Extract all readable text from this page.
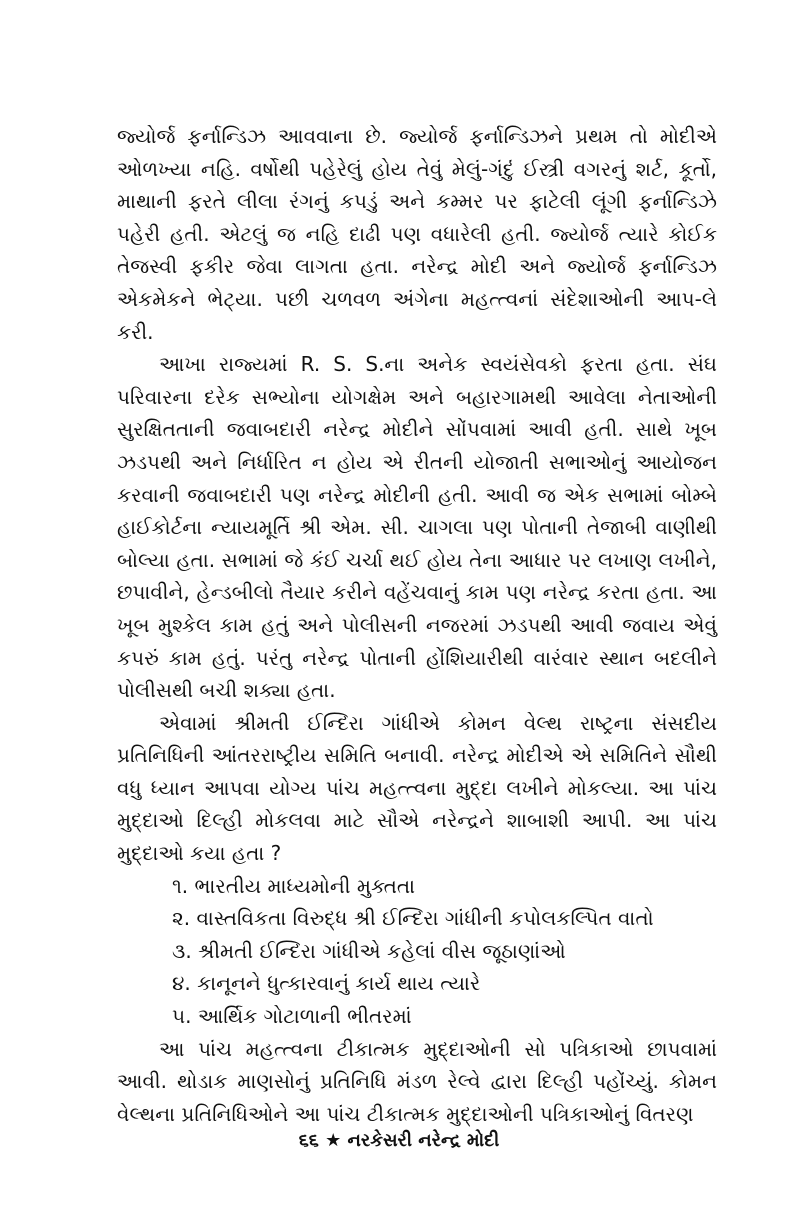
જ્યોર્જ ફર્નાન્ડિઝ આવવાના છે. જ્યોર્જ ફર્નાન્ડિઝને પ્રથમ તો મોદીએ ઓળખ્યા નહિ. વર્ષોથી પહેરેલું હોય તેવું મેલું-ગંદું ઈસ્ત્રી વગરનું શર્ટ, કૂર્તો, માથાની ફરતે લીલા રંગનું કપડું અને કમ્મર પર ફાટેલી લૂંગી ફર્નાન્ડિઝે પહેરી હતી. એટલું જ નહિ દાઢી પણ વધારેલી હતી. જ્યોર્જ ત્યારે કોઈક તેજસ્વી ફકીર જેવા લાગતા હતા. નરેન્દ્ર મોદી અને જ્યોર્જ ફર્નાન્ડિઝ એકમેકને ભેટ્યા. પછી ચળવળ અંગેના મહત્ત્વનાં સંદેશાઓની આપ-લે કરી.

આખા રાજ્યમાં R. S. S.ના અનેક સ્વયંસેવકો ફરતા હતા. સંઘ પરિવારના દરેક સભ્યોના યોગક્ષેમ અને બહારગામથી આવેલા નેતાઓની સુરક્ષિતતાની જવાબદારી નરેન્દ્ર મોદીને સોંપવામાં આવી હતી. સાથે ખૂબ ઝડપથી અને નિર્ધારિત ન હોય એ રીતની યોજાતી સભાઓનું આયોજન કરવાની જવાબદારી પણ નરેન્દ્ર મોદીની હતી. આવી જ એક સભામાં બોમ્બે હાઈકોર્ટના ન્યાયમૂર્તિ શ્રી એમ. સી. ચાગલા પણ પોતાની તેજાબી વાણીથી બોલ્યા હતા. સભામાં જે કંઈ ચર્ચા થઈ હોય તેના આધાર પર લખાણ લખીને, છપાવીને, હેન્ડબીલો તૈયાર કરીને વહેંચવાનું કામ પણ નરેન્દ્ર કરતા હતા. આ ખૂબ મુશ્કેલ કામ હતું અને પોલીસની નજરમાં ઝડપથી આવી જવાય એવું કપરું કામ હતું. પરંતુ નરેન્દ્ર પોતાની હોંશિયારીથી વારંવાર સ્થાન બદલીને પોલીસથી બચી શક્યા હતા.

એવામાં શ્રીમતી ઈન્દિરા ગાંધીએ કોમન વેલ્થ રાષ્ટ્રના સંસદીય પ્રતિનિધિની આંતરરાષ્ટ્રીય સમિતિ બનાવી. નરેન્દ્ર મોદીએ એ સમિતિને સૌથી વધુ ધ્યાન આપવા યોગ્ય પાંચ મહત્ત્વના મુદ્દા લખીને મોકલ્યા. આ પાંચ મુદ્દાઓ દિલ્હી મોકલવા માટે સૌએ નરેન્દ્રને શાબાશી આપી. આ પાંચ મુદ્દાઓ કયા હતા ?

૧. ભારતીય માધ્યમોની મુક્તતા
૨. વાસ્તવિકતા વિરુદ્ધ શ્રી ઈન્દિરા ગાંધીની કપોલકલ્પિત વાતો
૩. શ્રીમતી ઈન્દિરા ગાંધીએ કહેલાં વીસ જૂઠાણાંઓ
૪. કાનૂનને ધુત્કારવાનું કાર્ય થાય ત્યારે
૫. આર્થિક ગોટાળાની ભીતરમાં

આ પાંચ મહત્ત્વના ટીકાત્મક મુદ્દાઓની સો પત્રિકાઓ છાપવામાં આવી. થોડાક માણસોનું પ્રતિનિધિ મંડળ રેલ્વે દ્વારા દિલ્હી પહોંચ્યું. કોમન વેલ્થના પ્રતિનિધિઓને આ પાંચ ટીકાત્મક મુદ્દાઓની પત્રિકાઓનું વિતરણ

૬૬ ★ નરકેસરી નરેન્દ્ર મોદી
